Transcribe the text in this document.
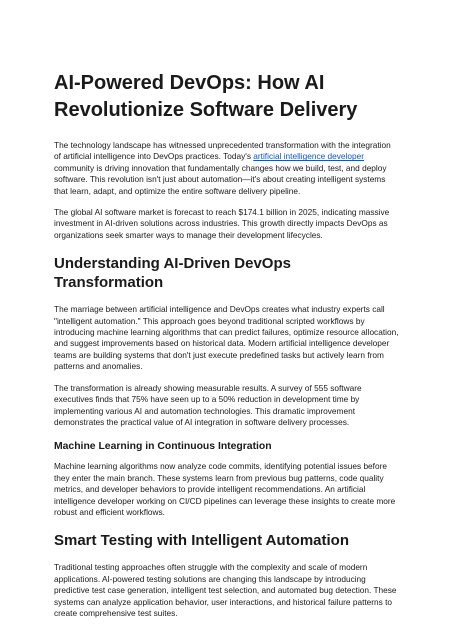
AI-Powered DevOps: How AI Revolutionize Software Delivery

The technology landscape has witnessed unprecedented transformation with the integration of artificial intelligence into DevOps practices. Today's artificial intelligence developer community is driving innovation that fundamentally changes how we build, test, and deploy software. This revolution isn't just about automation—it's about creating intelligent systems that learn, adapt, and optimize the entire software delivery pipeline.

The global AI software market is forecast to reach $174.1 billion in 2025, indicating massive investment in AI-driven solutions across industries. This growth directly impacts DevOps as organizations seek smarter ways to manage their development lifecycles.

Understanding AI-Driven DevOps Transformation

The marriage between artificial intelligence and DevOps creates what industry experts call "intelligent automation." This approach goes beyond traditional scripted workflows by introducing machine learning algorithms that can predict failures, optimize resource allocation, and suggest improvements based on historical data. Modern artificial intelligence developer teams are building systems that don't just execute predefined tasks but actively learn from patterns and anomalies.

The transformation is already showing measurable results. A survey of 555 software executives finds that 75% have seen up to a 50% reduction in development time by implementing various AI and automation technologies. This dramatic improvement demonstrates the practical value of AI integration in software delivery processes.

Machine Learning in Continuous Integration

Machine learning algorithms now analyze code commits, identifying potential issues before they enter the main branch. These systems learn from previous bug patterns, code quality metrics, and developer behaviors to provide intelligent recommendations. An artificial intelligence developer working on CI/CD pipelines can leverage these insights to create more robust and efficient workflows.

Smart Testing with Intelligent Automation

Traditional testing approaches often struggle with the complexity and scale of modern applications. AI-powered testing solutions are changing this landscape by introducing predictive test case generation, intelligent test selection, and automated bug detection. These systems can analyze application behavior, user interactions, and historical failure patterns to create comprehensive test suites.
